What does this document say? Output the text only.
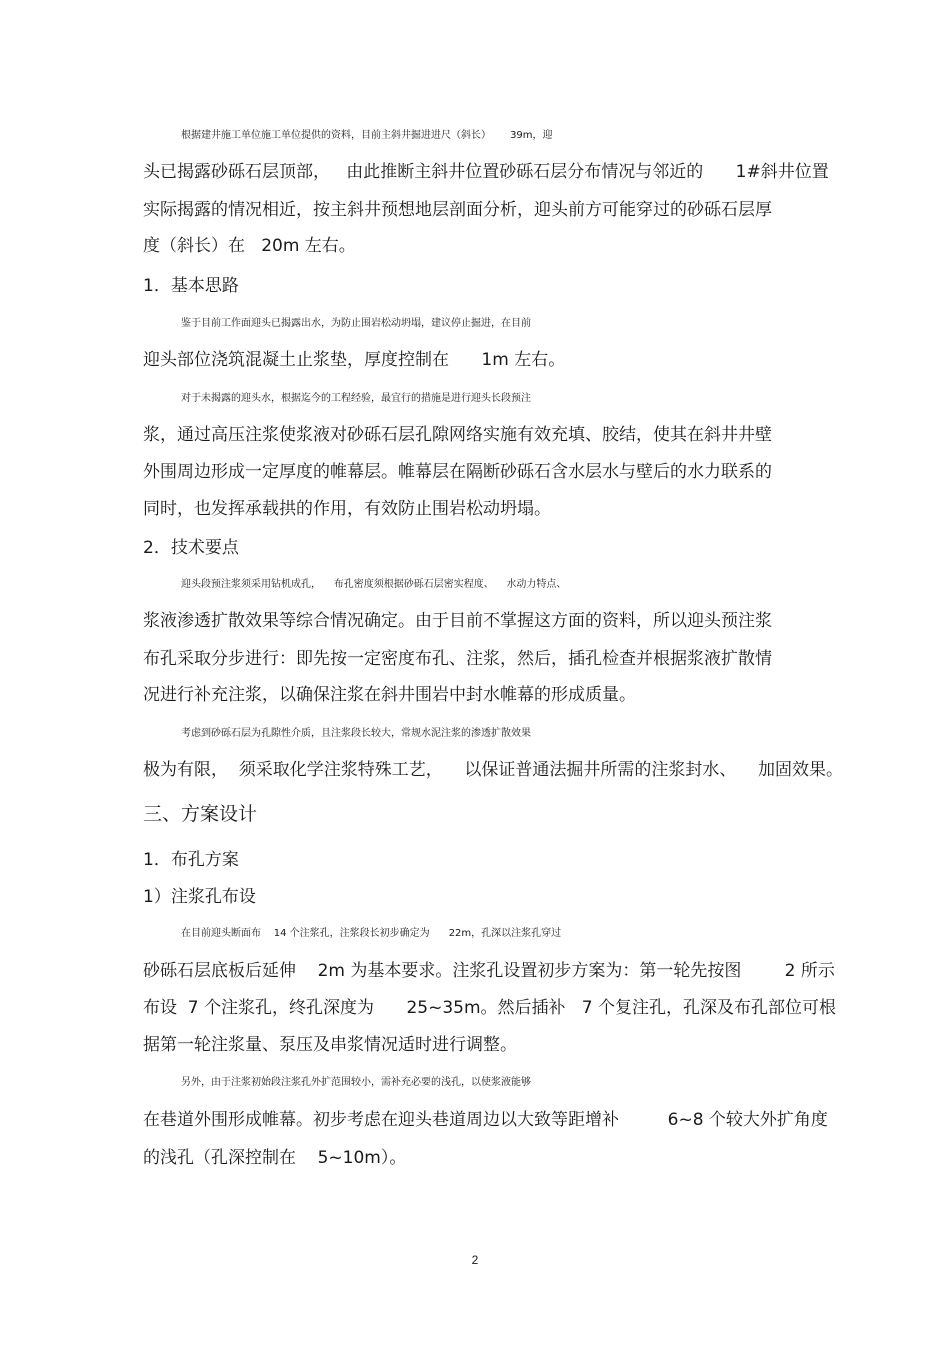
根据建井施工单位施工单位提供的资料，目前主斜井掘进进尺（斜长）      39m，迎
头已揭露砂砾石层顶部，   由此推断主斜井位置砂砾石层分布情况与邻近的      1#斜井位置
实际揭露的情况相近，按主斜井预想地层剖面分析，迎头前方可能穿过的砂砾石层厚
度（斜长）在   20m 左右。
1．基本思路
鉴于目前工作面迎头已揭露出水，为防止围岩松动坍塌，建议停止掘进，在目前
迎头部位浇筑混凝土止浆垫，厚度控制在      1m 左右。
对于未揭露的迎头水，根据迄今的工程经验，最宜行的措施是进行迎头长段预注
浆，通过高压注浆使浆液对砂砾石层孔隙网络实施有效充填、胶结，使其在斜井井壁
外围周边形成一定厚度的帷幕层。帷幕层在隔断砂砾石含水层水与壁后的水力联系的
同时，也发挥承载拱的作用，有效防止围岩松动坍塌。
2．技术要点
迎头段预注浆须采用钻机成孔，    布孔密度须根据砂砾石层密实程度、    水动力特点、
浆液渗透扩散效果等综合情况确定。由于目前不掌握这方面的资料，所以迎头预注浆
布孔采取分步进行：即先按一定密度布孔、注浆，然后，插孔检查并根据浆液扩散情
况进行补充注浆，以确保注浆在斜井围岩中封水帷幕的形成质量。
考虑到砂砾石层为孔隙性介质，且注浆段长较大，常规水泥注浆的渗透扩散效果
极为有限，  须采取化学注浆特殊工艺，    以保证普通法掘井所需的注浆封水、    加固效果。
三、方案设计
1．布孔方案
1）注浆孔布设
在目前迎头断面布    14 个注浆孔，注浆段长初步确定为      22m，孔深以注浆孔穿过
砂砾石层底板后延伸    2m 为基本要求。注浆孔设置初步方案为：第一轮先按图        2 所示
布设  7 个注浆孔，终孔深度为      25~35m。然后插补   7 个复注孔，孔深及布孔部位可根
据第一轮注浆量、泵压及串浆情况适时进行调整。
另外，由于注浆初始段注浆孔外扩范围较小，需补充必要的浅孔，以使浆液能够
在巷道外围形成帷幕。初步考虑在迎头巷道周边以大致等距增补         6~8 个较大外扩角度
的浅孔（孔深控制在    5~10m）。
2
